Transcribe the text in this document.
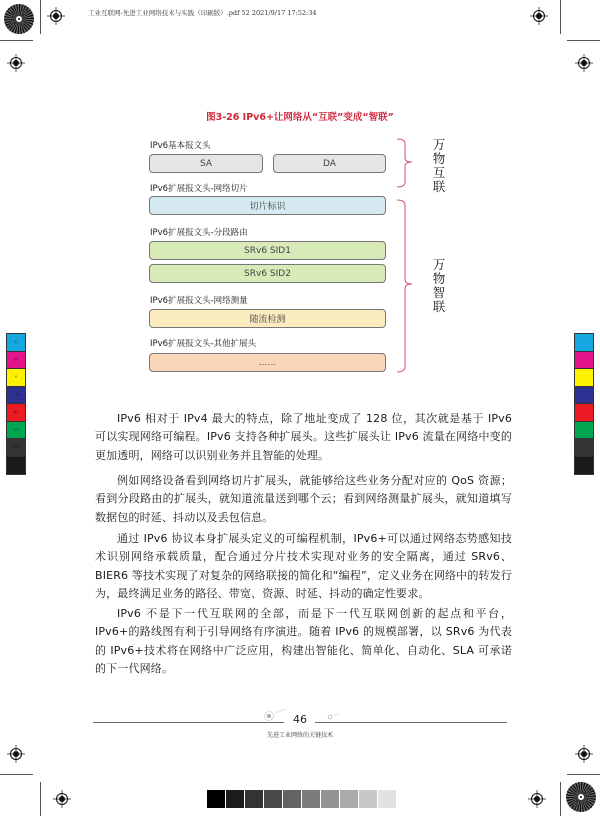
工业互联网-先进工业网络技术与实践（印刷版）.pdf 52 2021/9/17 17:52:34
C
M
Y
CM
MY
CY
CMY
K
图3-26 IPv6+让网络从“互联”变成“智联”
IPv6基本报文头
SA	DA
IPv6扩展报文头-网络切片
切片标识
IPv6扩展报文头-分段路由
SRv6 SID1
SRv6 SID2
IPv6扩展报文头-网络测量
随流检测
IPv6扩展报文头-其他扩展头
……
万
物
互
联
万
物
智
联

IPv6 相对于 IPv4 最大的特点，除了地址变成了 128 位，其次就是基于 IPv6 可以实现网络可编程。IPv6 支持各种扩展头。这些扩展头让 IPv6 流量在网络中变的更加透明，网络可以识别业务并且智能的处理。

例如网络设备看到网络切片扩展头，就能够给这些业务分配对应的 QoS 资源；看到分段路由的扩展头，就知道流量送到哪个云；看到网络测量扩展头，就知道填写数据包的时延、抖动以及丢包信息。

通过 IPv6 协议本身扩展头定义的可编程机制，IPv6+可以通过网络态势感知技术识别网络承载质量，配合通过分片技术实现对业务的安全隔离，通过 SRv6、BIER6 等技术实现了对复杂的网络联接的简化和“编程”，定义业务在网络中的转发行为，最终满足业务的路径、带宽、资源、时延、抖动的确定性要求。

IPv6 不是下一代互联网的全部，而是下一代互联网创新的起点和平台，IPv6+的路线图有利于引导网络有序演进。随着 IPv6 的规模部署，以 SRv6 为代表的 IPv6+技术将在网络中广泛应用，构建出智能化、简单化、自动化、SLA 可承诺的下一代网络。

46
先进工业网络的关键技术
